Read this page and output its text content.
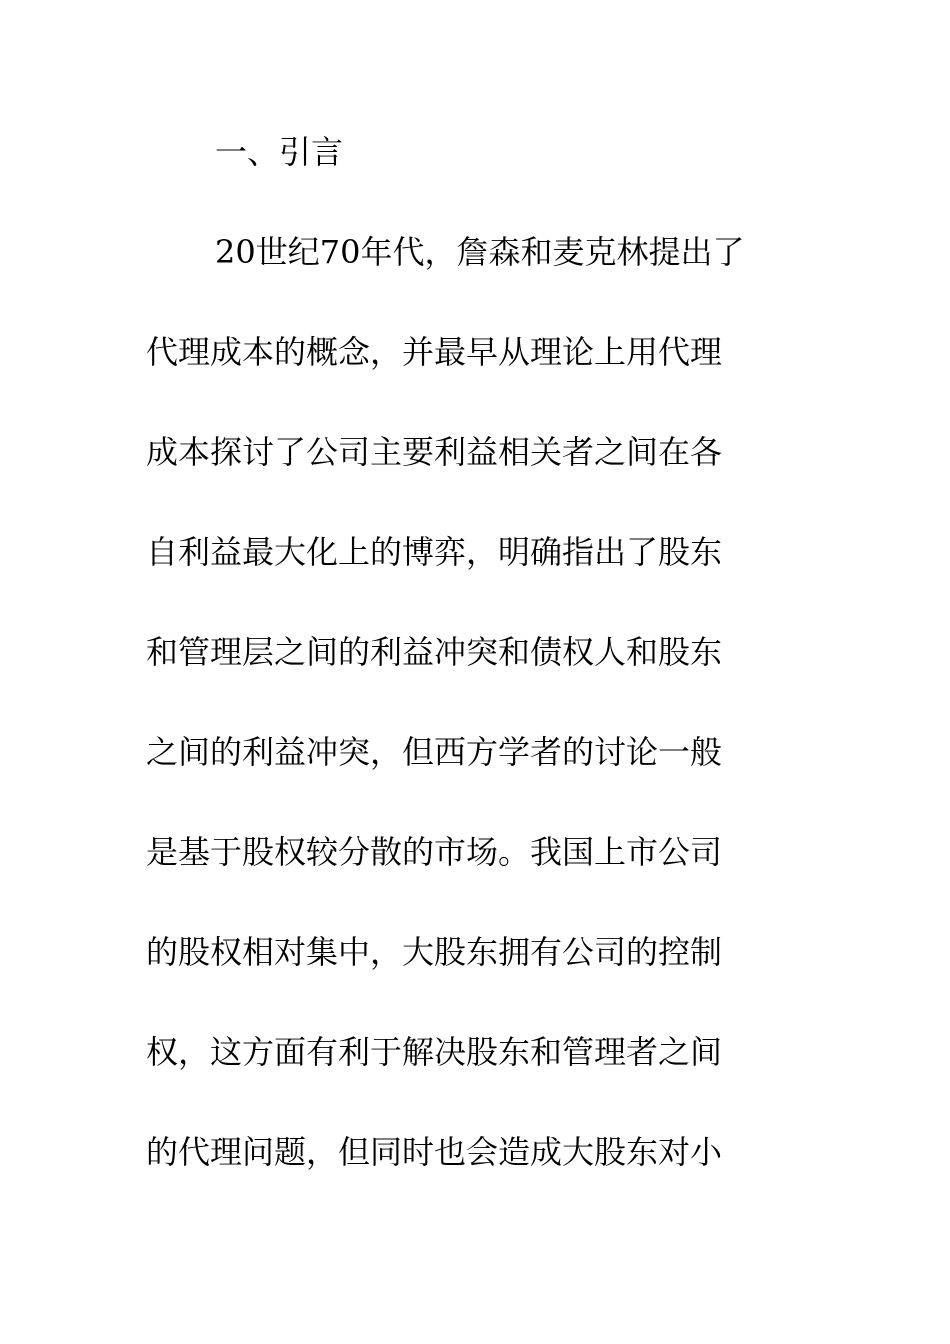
一、引言
20世纪70年代，詹森和麦克林提出了
代理成本的概念，并最早从理论上用代理
成本探讨了公司主要利益相关者之间在各
自利益最大化上的博弈，明确指出了股东
和管理层之间的利益冲突和债权人和股东
之间的利益冲突，但西方学者的讨论一般
是基于股权较分散的市场。我国上市公司
的股权相对集中，大股东拥有公司的控制
权，这方面有利于解决股东和管理者之间
的代理问题，但同时也会造成大股东对小
